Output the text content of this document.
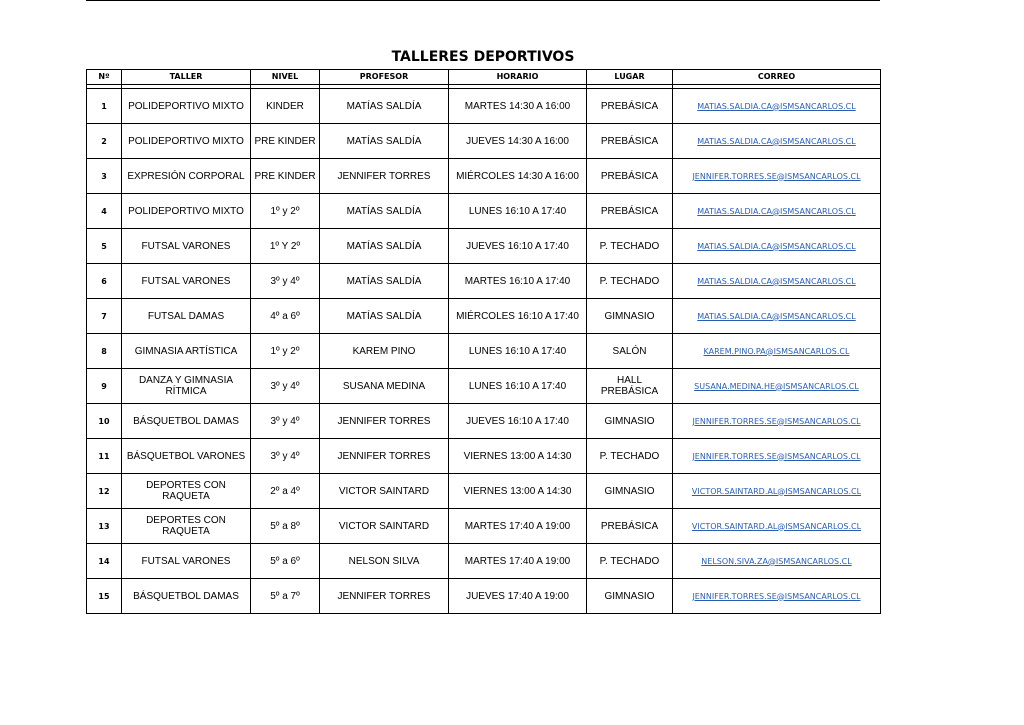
TALLERES DEPORTIVOS
Nº	TALLER	NIVEL	PROFESOR	HORARIO	LUGAR	CORREO

1	POLIDEPORTIVO MIXTO	KINDER	MATÍAS SALDÍA	MARTES 14:30 A 16:00	PREBÁSICA	MATIAS.SALDIA.CA@ISMSANCARLOS.CL
2	POLIDEPORTIVO MIXTO	PRE KINDER	MATÍAS SALDÍA	JUEVES 14:30 A 16:00	PREBÁSICA	MATIAS.SALDIA.CA@ISMSANCARLOS.CL
3	EXPRESIÓN CORPORAL	PRE KINDER	JENNIFER TORRES	MIÉRCOLES 14:30 A 16:00	PREBÁSICA	JENNIFER.TORRES.SE@ISMSANCARLOS.CL
4	POLIDEPORTIVO MIXTO	1º y 2º	MATÍAS SALDÍA	LUNES 16:10 A 17:40	PREBÁSICA	MATIAS.SALDIA.CA@ISMSANCARLOS.CL
5	FUTSAL VARONES	1º Y 2º	MATÍAS SALDÍA	JUEVES 16:10 A 17:40	P. TECHADO	MATIAS.SALDIA.CA@ISMSANCARLOS.CL
6	FUTSAL VARONES	3º y 4º	MATÍAS SALDÍA	MARTES 16:10 A 17:40	P. TECHADO	MATIAS.SALDIA.CA@ISMSANCARLOS.CL
7	FUTSAL DAMAS	4º a 6º	MATÍAS SALDÍA	MIÉRCOLES 16:10 A 17:40	GIMNASIO	MATIAS.SALDIA.CA@ISMSANCARLOS.CL
8	GIMNASIA ARTÍSTICA	1º y 2º	KAREM PINO	LUNES 16:10 A 17:40	SALÓN	KAREM.PINO.PA@ISMSANCARLOS.CL
9	DANZA Y GIMNASIA RÍTMICA	3º y 4º	SUSANA MEDINA	LUNES 16:10 A 17:40	HALL PREBÁSICA	SUSANA.MEDINA.HE@ISMSANCARLOS.CL
10	BÁSQUETBOL DAMAS	3º y 4º	JENNIFER TORRES	JUEVES 16:10 A 17:40	GIMNASIO	JENNIFER.TORRES.SE@ISMSANCARLOS.CL
11	BÁSQUETBOL VARONES	3º y 4º	JENNIFER TORRES	VIERNES 13:00 A 14:30	P. TECHADO	JENNIFER.TORRES.SE@ISMSANCARLOS.CL
12	DEPORTES CON RAQUETA	2º a 4º	VICTOR SAINTARD	VIERNES 13:00 A 14:30	GIMNASIO	VICTOR.SAINTARD.AL@ISMSANCARLOS.CL
13	DEPORTES CON RAQUETA	5º a 8º	VICTOR SAINTARD	MARTES 17:40 A 19:00	PREBÁSICA	VICTOR.SAINTARD.AL@ISMSANCARLOS.CL
14	FUTSAL VARONES	5º a 6º	NELSON SILVA	MARTES 17:40 A 19:00	P. TECHADO	NELSON.SIVA.ZA@ISMSANCARLOS.CL
15	BÁSQUETBOL DAMAS	5º a 7º	JENNIFER TORRES	JUEVES 17:40 A 19:00	GIMNASIO	JENNIFER.TORRES.SE@ISMSANCARLOS.CL
